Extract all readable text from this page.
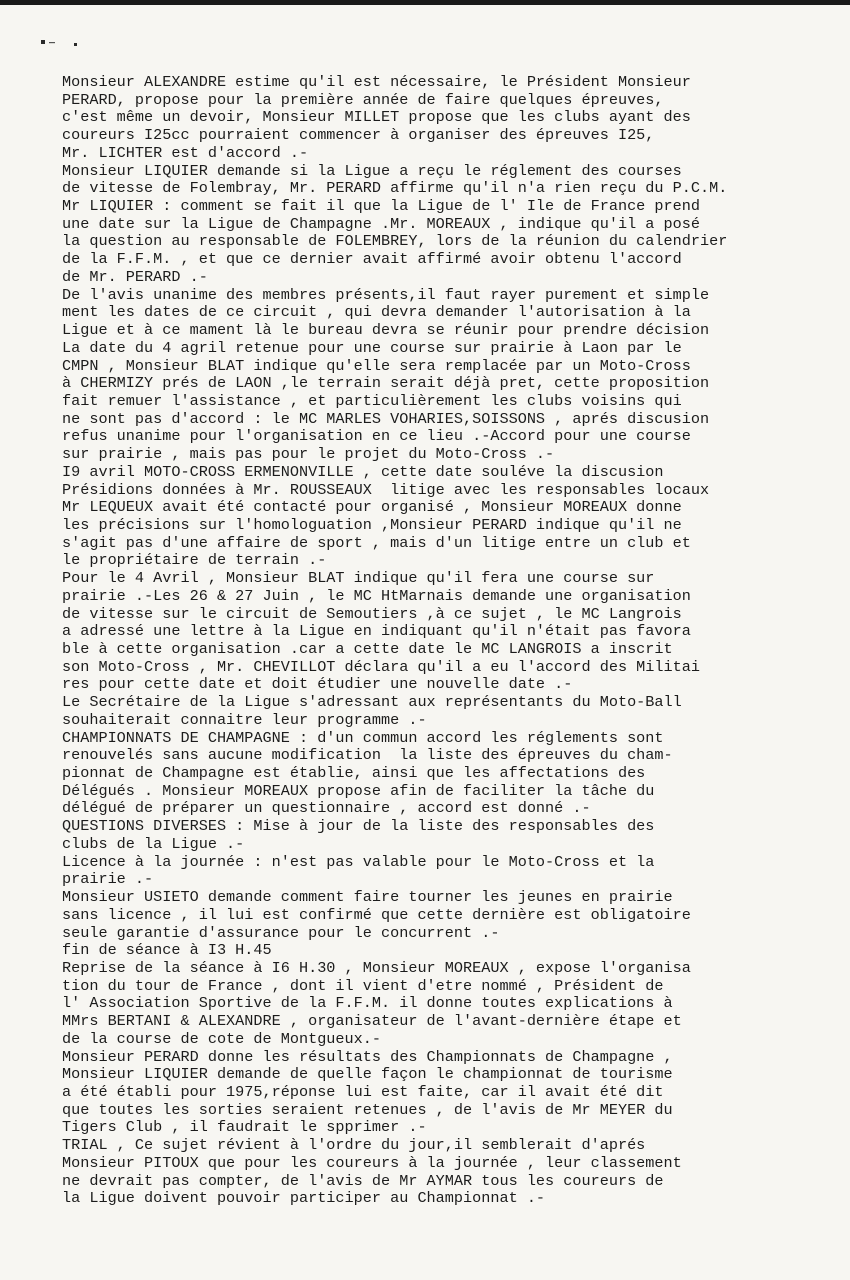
Monsieur ALEXANDRE estime qu'il est nécessaire, le Président Monsieur
PERARD, propose pour la première année de faire quelques épreuves,
c'est même un devoir, Monsieur MILLET propose que les clubs ayant des
coureurs I25cc pourraient commencer à organiser des épreuves I25,
Mr. LICHTER est d'accord .-
Monsieur LIQUIER demande si la Ligue a reçu le réglement des courses
de vitesse de Folembray, Mr. PERARD affirme qu'il n'a rien reçu du P.C.M.
Mr LIQUIER : comment se fait il que la Ligue de l' Ile de France prend
une date sur la Ligue de Champagne .Mr. MOREAUX , indique qu'il a posé
la question au responsable de FOLEMBREY, lors de la réunion du calendrier
de la F.F.M. , et que ce dernier avait affirmé avoir obtenu l'accord
de Mr. PERARD .-
De l'avis unanime des membres présents,il faut rayer purement et simple
ment les dates de ce circuit , qui devra demander l'autorisation à la
Ligue et à ce mament là le bureau devra se réunir pour prendre décision
La date du 4 agril retenue pour une course sur prairie à Laon par le
CMPN , Monsieur BLAT indique qu'elle sera remplacée par un Moto-Cross
à CHERMIZY prés de LAON ,le terrain serait déjà pret, cette proposition
fait remuer l'assistance , et particulièrement les clubs voisins qui
ne sont pas d'accord : le MC MARLES VOHARIES,SOISSONS , aprés discusion
refus unanime pour l'organisation en ce lieu .-Accord pour une course
sur prairie , mais pas pour le projet du Moto-Cross .-
I9 avril MOTO-CROSS ERMENONVILLE , cette date souléve la discusion
Présidions données à Mr. ROUSSEAUX  litige avec les responsables locaux
Mr LEQUEUX avait été contacté pour organisé , Monsieur MOREAUX donne
les précisions sur l'homologuation ,Monsieur PERARD indique qu'il ne
s'agit pas d'une affaire de sport , mais d'un litige entre un club et
le propriétaire de terrain .-
Pour le 4 Avril , Monsieur BLAT indique qu'il fera une course sur
prairie .-Les 26 & 27 Juin , le MC HtMarnais demande une organisation
de vitesse sur le circuit de Semoutiers ,à ce sujet , le MC Langrois
a adressé une lettre à la Ligue en indiquant qu'il n'était pas favora
ble à cette organisation .car a cette date le MC LANGROIS a inscrit
son Moto-Cross , Mr. CHEVILLOT déclara qu'il a eu l'accord des Militai
res pour cette date et doit étudier une nouvelle date .-
Le Secrétaire de la Ligue s'adressant aux représentants du Moto-Ball
souhaiterait connaitre leur programme .-
CHAMPIONNATS DE CHAMPAGNE : d'un commun accord les réglements sont
renouvelés sans aucune modification  la liste des épreuves du cham-
pionnat de Champagne est établie, ainsi que les affectations des
Délégués . Monsieur MOREAUX propose afin de faciliter la tâche du
délégué de préparer un questionnaire , accord est donné .-
QUESTIONS DIVERSES : Mise à jour de la liste des responsables des
clubs de la Ligue .-
Licence à la journée : n'est pas valable pour le Moto-Cross et la
prairie .-
Monsieur USIETO demande comment faire tourner les jeunes en prairie
sans licence , il lui est confirmé que cette dernière est obligatoire
seule garantie d'assurance pour le concurrent .-
fin de séance à I3 H.45
Reprise de la séance à I6 H.30 , Monsieur MOREAUX , expose l'organisa
tion du tour de France , dont il vient d'etre nommé , Président de
l' Association Sportive de la F.F.M. il donne toutes explications à
MMrs BERTANI & ALEXANDRE , organisateur de l'avant-dernière étape et
de la course de cote de Montgueux.-
Monsieur PERARD donne les résultats des Championnats de Champagne ,
Monsieur LIQUIER demande de quelle façon le championnat de tourisme
a été établi pour 1975,réponse lui est faite, car il avait été dit
que toutes les sorties seraient retenues , de l'avis de Mr MEYER du
Tigers Club , il faudrait le spprimer .-
TRIAL , Ce sujet révient à l'ordre du jour,il semblerait d'aprés
Monsieur PITOUX que pour les coureurs à la journée , leur classement
ne devrait pas compter, de l'avis de Mr AYMAR tous les coureurs de
la Ligue doivent pouvoir participer au Championnat .-
